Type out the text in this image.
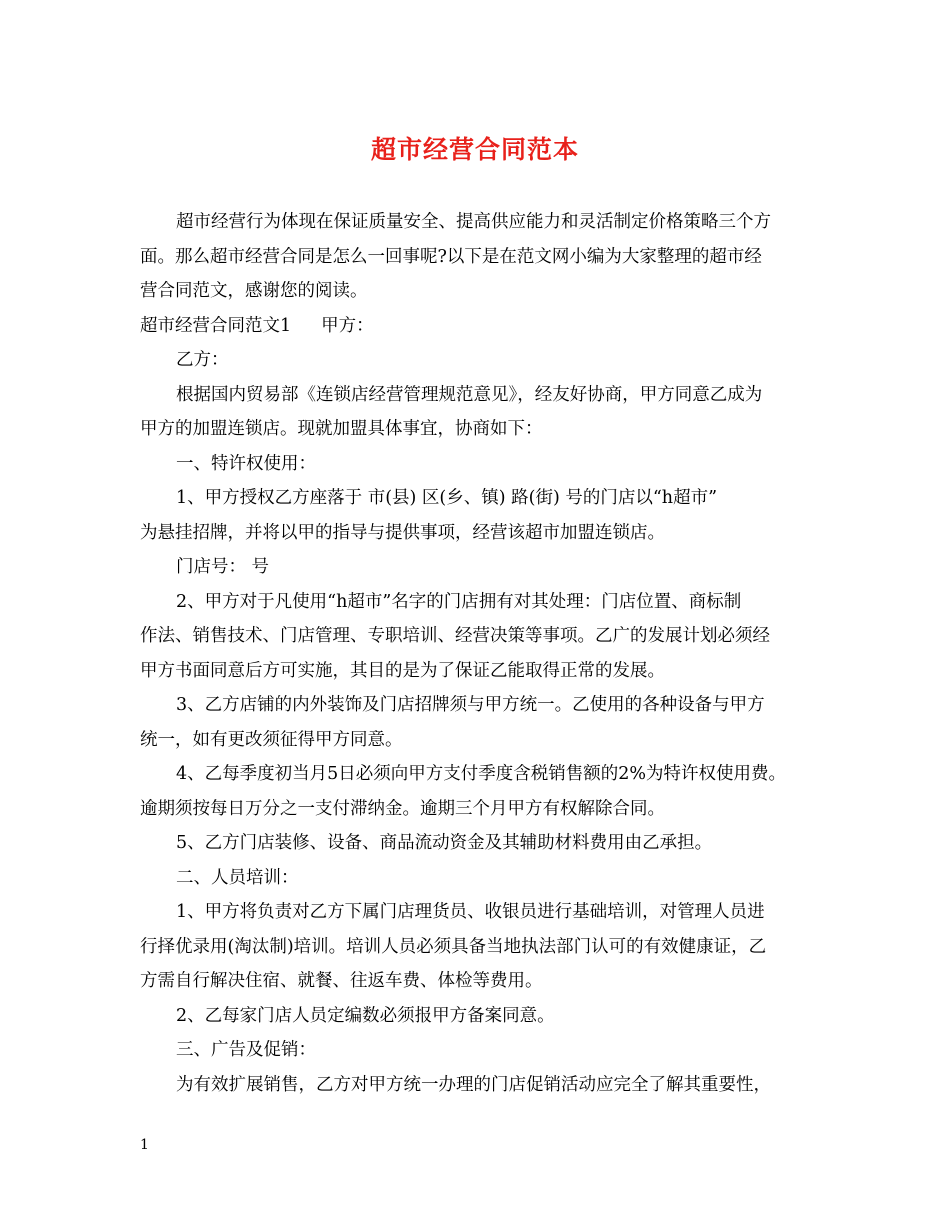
超市经营合同范本
超市经营行为体现在保证质量安全、提高供应能力和灵活制定价格策略三个方
面。那么超市经营合同是怎么一回事呢?以下是在范文网小编为大家整理的超市经
营合同范文，感谢您的阅读。
超市经营合同范文1 甲方：
乙方：
根据国内贸易部《连锁店经营管理规范意见》，经友好协商，甲方同意乙成为
甲方的加盟连锁店。现就加盟具体事宜，协商如下：
一、特许权使用：
1、甲方授权乙方座落于 市(县) 区(乡、镇) 路(街) 号的门店以“h超市”
为悬挂招牌，并将以甲的指导与提供事项，经营该超市加盟连锁店。
门店号： 号
2、甲方对于凡使用“h超市”名字的门店拥有对其处理：门店位置、商标制
作法、销售技术、门店管理、专职培训、经营决策等事项。乙广的发展计划必须经
甲方书面同意后方可实施，其目的是为了保证乙能取得正常的发展。
3、乙方店铺的内外装饰及门店招牌须与甲方统一。乙使用的各种设备与甲方
统一，如有更改须征得甲方同意。
4、乙每季度初当月5日必须向甲方支付季度含税销售额的2%为特许权使用费。
逾期须按每日万分之一支付滞纳金。逾期三个月甲方有权解除合同。
5、乙方门店装修、设备、商品流动资金及其辅助材料费用由乙承担。
二、人员培训：
1、甲方将负责对乙方下属门店理货员、收银员进行基础培训，对管理人员进
行择优录用(淘汰制)培训。培训人员必须具备当地执法部门认可的有效健康证，乙
方需自行解决住宿、就餐、往返车费、体检等费用。
2、乙每家门店人员定编数必须报甲方备案同意。
三、广告及促销：
为有效扩展销售，乙方对甲方统一办理的门店促销活动应完全了解其重要性，
1
